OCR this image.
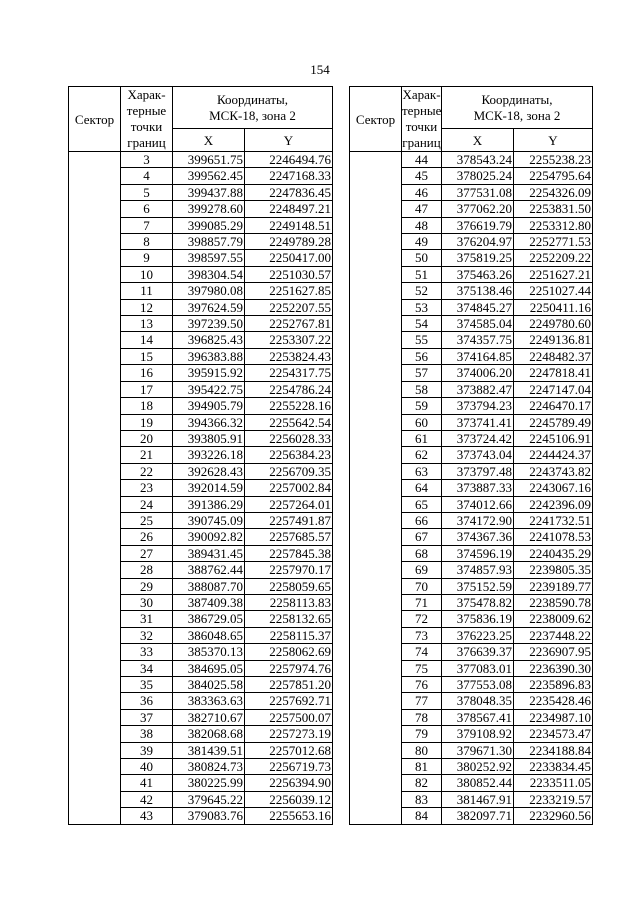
154
Сектор	Харак-
терные
точки
границ	Координаты,
МСК-18, зона 2	

		X	Y

	3	399651.75	2246494.76
	4	399562.45	2247168.33
	5	399437.88	2247836.45
	6	399278.60	2248497.21
	7	399085.29	2249148.51
	8	398857.79	2249789.28
	9	398597.55	2250417.00
	10	398304.54	2251030.57
	11	397980.08	2251627.85
	12	397624.59	2252207.55
	13	397239.50	2252767.81
	14	396825.43	2253307.22
	15	396383.88	2253824.43
	16	395915.92	2254317.75
	17	395422.75	2254786.24
	18	394905.79	2255228.16
	19	394366.32	2255642.54
	20	393805.91	2256028.33
	21	393226.18	2256384.23
	22	392628.43	2256709.35
	23	392014.59	2257002.84
	24	391386.29	2257264.01
	25	390745.09	2257491.87
	26	390092.82	2257685.57
	27	389431.45	2257845.38
	28	388762.44	2257970.17
	29	388087.70	2258059.65
	30	387409.38	2258113.83
	31	386729.05	2258132.65
	32	386048.65	2258115.37
	33	385370.13	2258062.69
	34	384695.05	2257974.76
	35	384025.58	2257851.20
	36	383363.63	2257692.71
	37	382710.67	2257500.07
	38	382068.68	2257273.19
	39	381439.51	2257012.68
	40	380824.73	2256719.73
	41	380225.99	2256394.90
	42	379645.22	2256039.12
	43	379083.76	2255653.16
Сектор	Харак-
терные
точки
границ	Координаты,
МСК-18, зона 2	

		X	Y

	44	378543.24	2255238.23
	45	378025.24	2254795.64
	46	377531.08	2254326.09
	47	377062.20	2253831.50
	48	376619.79	2253312.80
	49	376204.97	2252771.53
	50	375819.25	2252209.22
	51	375463.26	2251627.21
	52	375138.46	2251027.44
	53	374845.27	2250411.16
	54	374585.04	2249780.60
	55	374357.75	2249136.81
	56	374164.85	2248482.37
	57	374006.20	2247818.41
	58	373882.47	2247147.04
	59	373794.23	2246470.17
	60	373741.41	2245789.49
	61	373724.42	2245106.91
	62	373743.04	2244424.37
	63	373797.48	2243743.82
	64	373887.33	2243067.16
	65	374012.66	2242396.09
	66	374172.90	2241732.51
	67	374367.36	2241078.53
	68	374596.19	2240435.29
	69	374857.93	2239805.35
	70	375152.59	2239189.77
	71	375478.82	2238590.78
	72	375836.19	2238009.62
	73	376223.25	2237448.22
	74	376639.37	2236907.95
	75	377083.01	2236390.30
	76	377553.08	2235896.83
	77	378048.35	2235428.46
	78	378567.41	2234987.10
	79	379108.92	2234573.47
	80	379671.30	2234188.84
	81	380252.92	2233834.45
	82	380852.44	2233511.05
	83	381467.91	2233219.57
	84	382097.71	2232960.56
